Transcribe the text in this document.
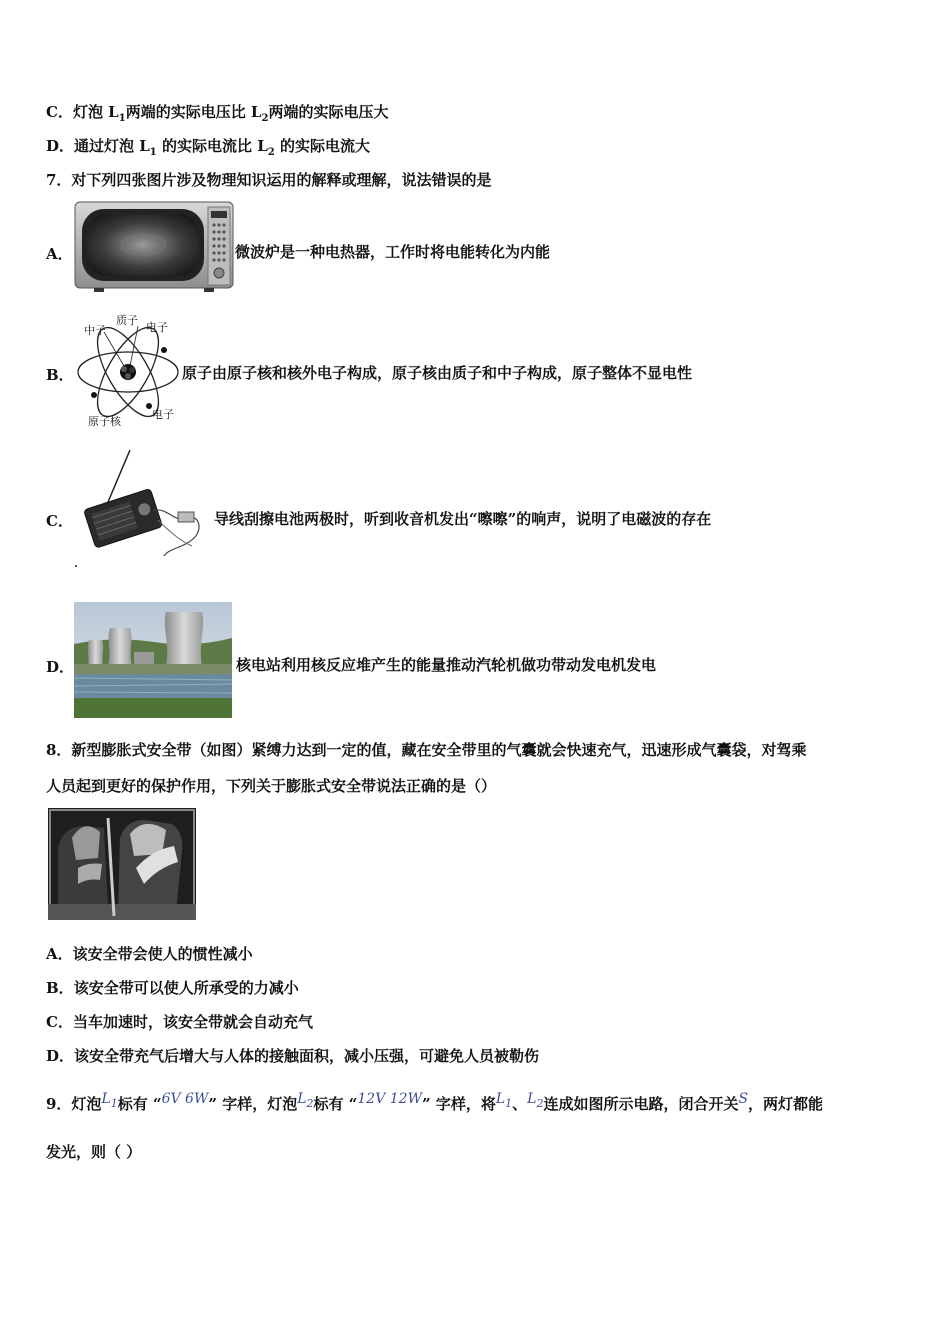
C．灯泡 $L_1$两端的实际电压比 $L_2$两端的实际电压大
D．通过灯泡 $L_1$ 的实际电流比 $L_2$ 的实际电流大
7．对下列四张图片涉及物理知识运用的解释或理解，说法错误的是
A．	微波炉是一种电热器，工作时将电能转化为内能
B．
中子
质子
电子
原子核
电子
原子由原子核和核外电子构成，原子核由质子和中子构成，原子整体不显电性
C．	导线刮擦电池两极时，听到收音机发出“嚓嚓”的响声，说明了电磁波的存在
D．	核电站利用核反应堆产生的能量推动汽轮机做功带动发电机发电
8．新型膨胀式安全带（如图）紧缚力达到一定的值，藏在安全带里的气囊就会快速充气，迅速形成气囊袋，对驾乘
人员起到更好的保护作用，下列关于膨胀式安全带说法正确的是（）
A．该安全带会使人的惯性减小
B．该安全带可以使人所承受的力减小
C．当车加速时，该安全带就会自动充气
D．该安全带充气后增大与人体的接触面积，减小压强，可避免人员被勒伤
9．灯泡$L_1$标有 “6V 6W” 字样，灯泡$L_2$标有 “12V 12W” 字样，将$L_1$、$L_2$连成如图所示电路，闭合开关S，两灯都能
发光，则（ ）
